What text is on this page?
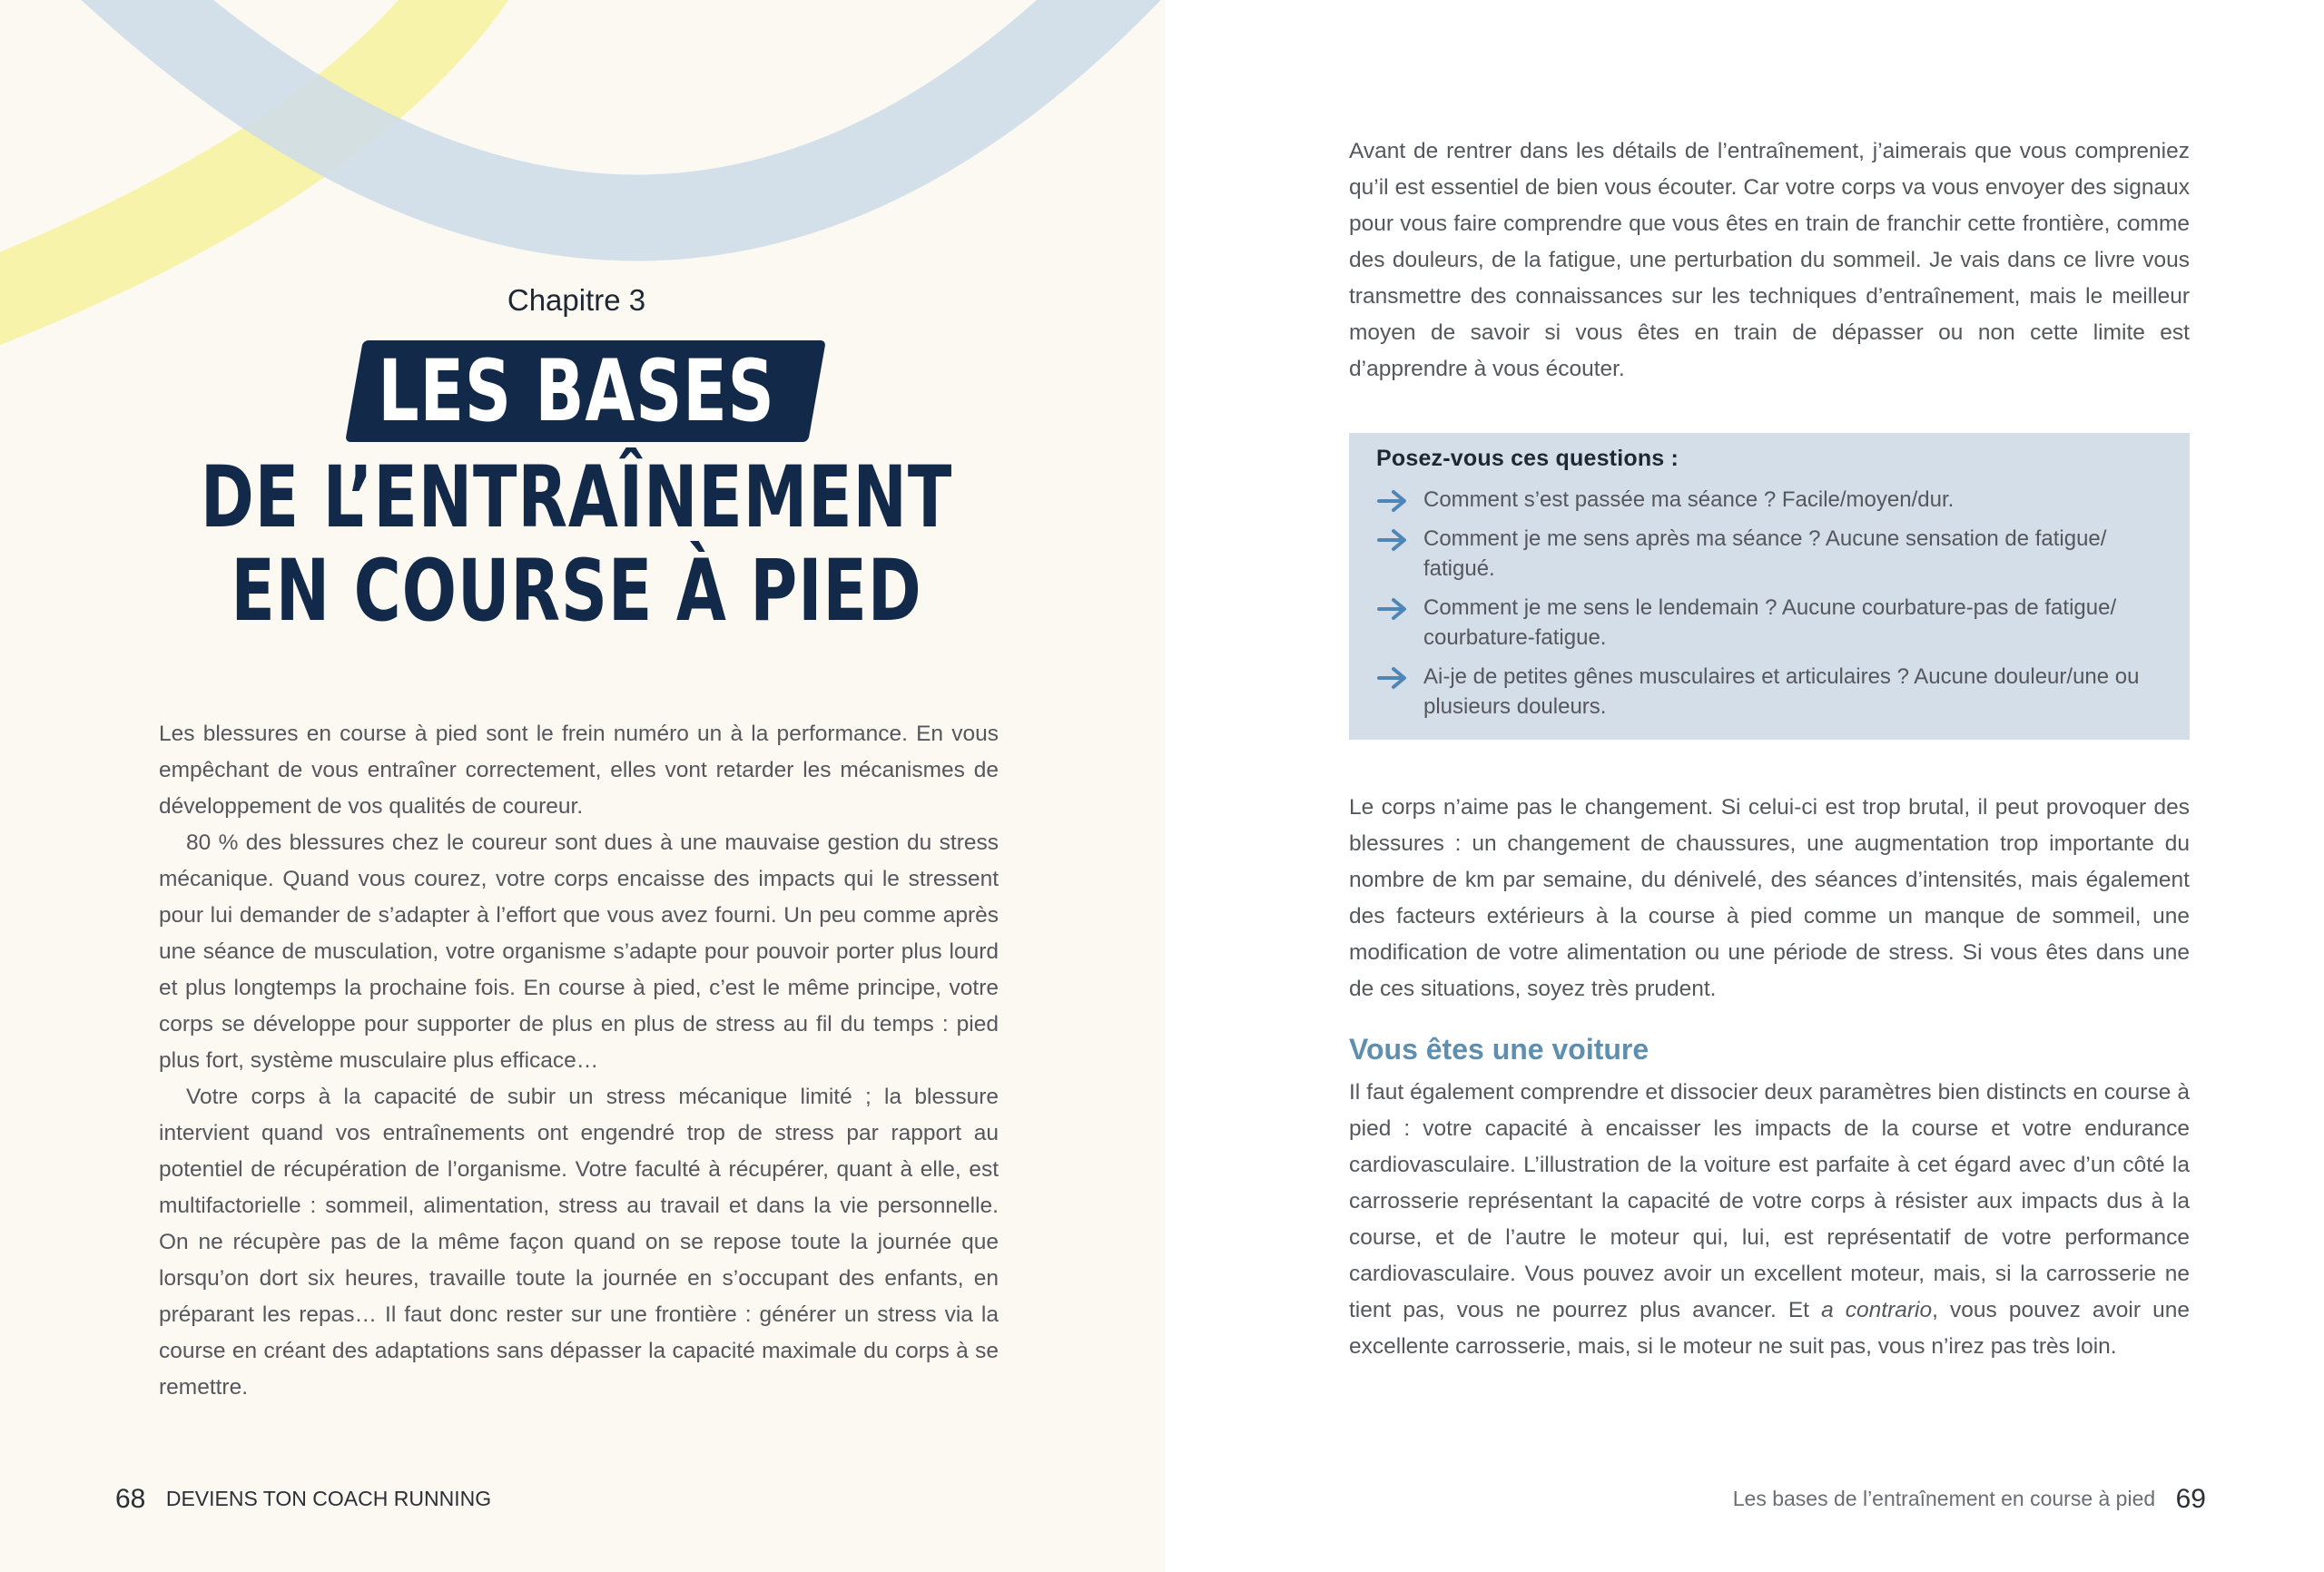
Chapitre 3
LES BASES
DE L’ENTRAÎNEMENT
EN COURSE À PIED

Les blessures en course à pied sont le frein numéro un à la performance. En vous empêchant de vous entraîner correctement, elles vont retarder les mécanismes de développement de vos qualités de coureur.

80 % des blessures chez le coureur sont dues à une mauvaise gestion du stress mécanique. Quand vous courez, votre corps encaisse des impacts qui le stressent pour lui demander de s’adapter à l’effort que vous avez fourni. Un peu comme après une séance de musculation, votre organisme s’adapte pour pouvoir porter plus lourd et plus longtemps la prochaine fois. En course à pied, c’est le même principe, votre corps se développe pour supporter de plus en plus de stress au fil du temps : pied plus fort, système musculaire plus efficace…

Votre corps à la capacité de subir un stress mécanique limité ; la blessure intervient quand vos entraînements ont engendré trop de stress par rapport au potentiel de récupération de l’organisme. Votre faculté à récupérer, quant à elle, est multifactorielle : sommeil, alimentation, stress au travail et dans la vie personnelle. On ne récupère pas de la même façon quand on se repose toute la journée que lorsqu’on dort six heures, travaille toute la journée en s’occupant des enfants, en préparant les repas… Il faut donc rester sur une frontière : générer un stress via la course en créant des adaptations sans dépasser la capacité maximale du corps à se remettre.

68 DEVIENS TON COACH RUNNING

Avant de rentrer dans les détails de l’entraînement, j’aimerais que vous compreniez qu’il est essentiel de bien vous écouter. Car votre corps va vous envoyer des signaux pour vous faire comprendre que vous êtes en train de franchir cette frontière, comme des douleurs, de la fatigue, une perturbation du sommeil. Je vais dans ce livre vous transmettre des connaissances sur les techniques d’entraînement, mais le meilleur moyen de savoir si vous êtes en train de dépasser ou non cette limite est d’apprendre à vous écouter.

Posez-vous ces questions :
Comment s’est passée ma séance ? Facile/moyen/dur.
Comment je me sens après ma séance ? Aucune sensation de fatigue/ fatigué.
Comment je me sens le lendemain ? Aucune courbature-pas de fatigue/ courbature-fatigue.
Ai-je de petites gênes musculaires et articulaires ? Aucune douleur/une ou plusieurs douleurs.

Le corps n’aime pas le changement. Si celui-ci est trop brutal, il peut provoquer des blessures : un changement de chaussures, une augmentation trop importante du nombre de km par semaine, du dénivelé, des séances d’intensités, mais également des facteurs extérieurs à la course à pied comme un manque de sommeil, une modification de votre alimentation ou une période de stress. Si vous êtes dans une de ces situations, soyez très prudent.

Vous êtes une voiture

Il faut également comprendre et dissocier deux paramètres bien distincts en course à pied : votre capacité à encaisser les impacts de la course et votre endurance cardiovasculaire. L’illustration de la voiture est parfaite à cet égard avec d’un côté la carrosserie représentant la capacité de votre corps à résister aux impacts dus à la course, et de l’autre le moteur qui, lui, est représentatif de votre performance cardiovasculaire. Vous pouvez avoir un excellent moteur, mais, si la carrosserie ne tient pas, vous ne pourrez plus avancer. Et a contrario, vous pouvez avoir une excellente carrosserie, mais, si le moteur ne suit pas, vous n’irez pas très loin.

Les bases de l’entraînement en course à pied 69
